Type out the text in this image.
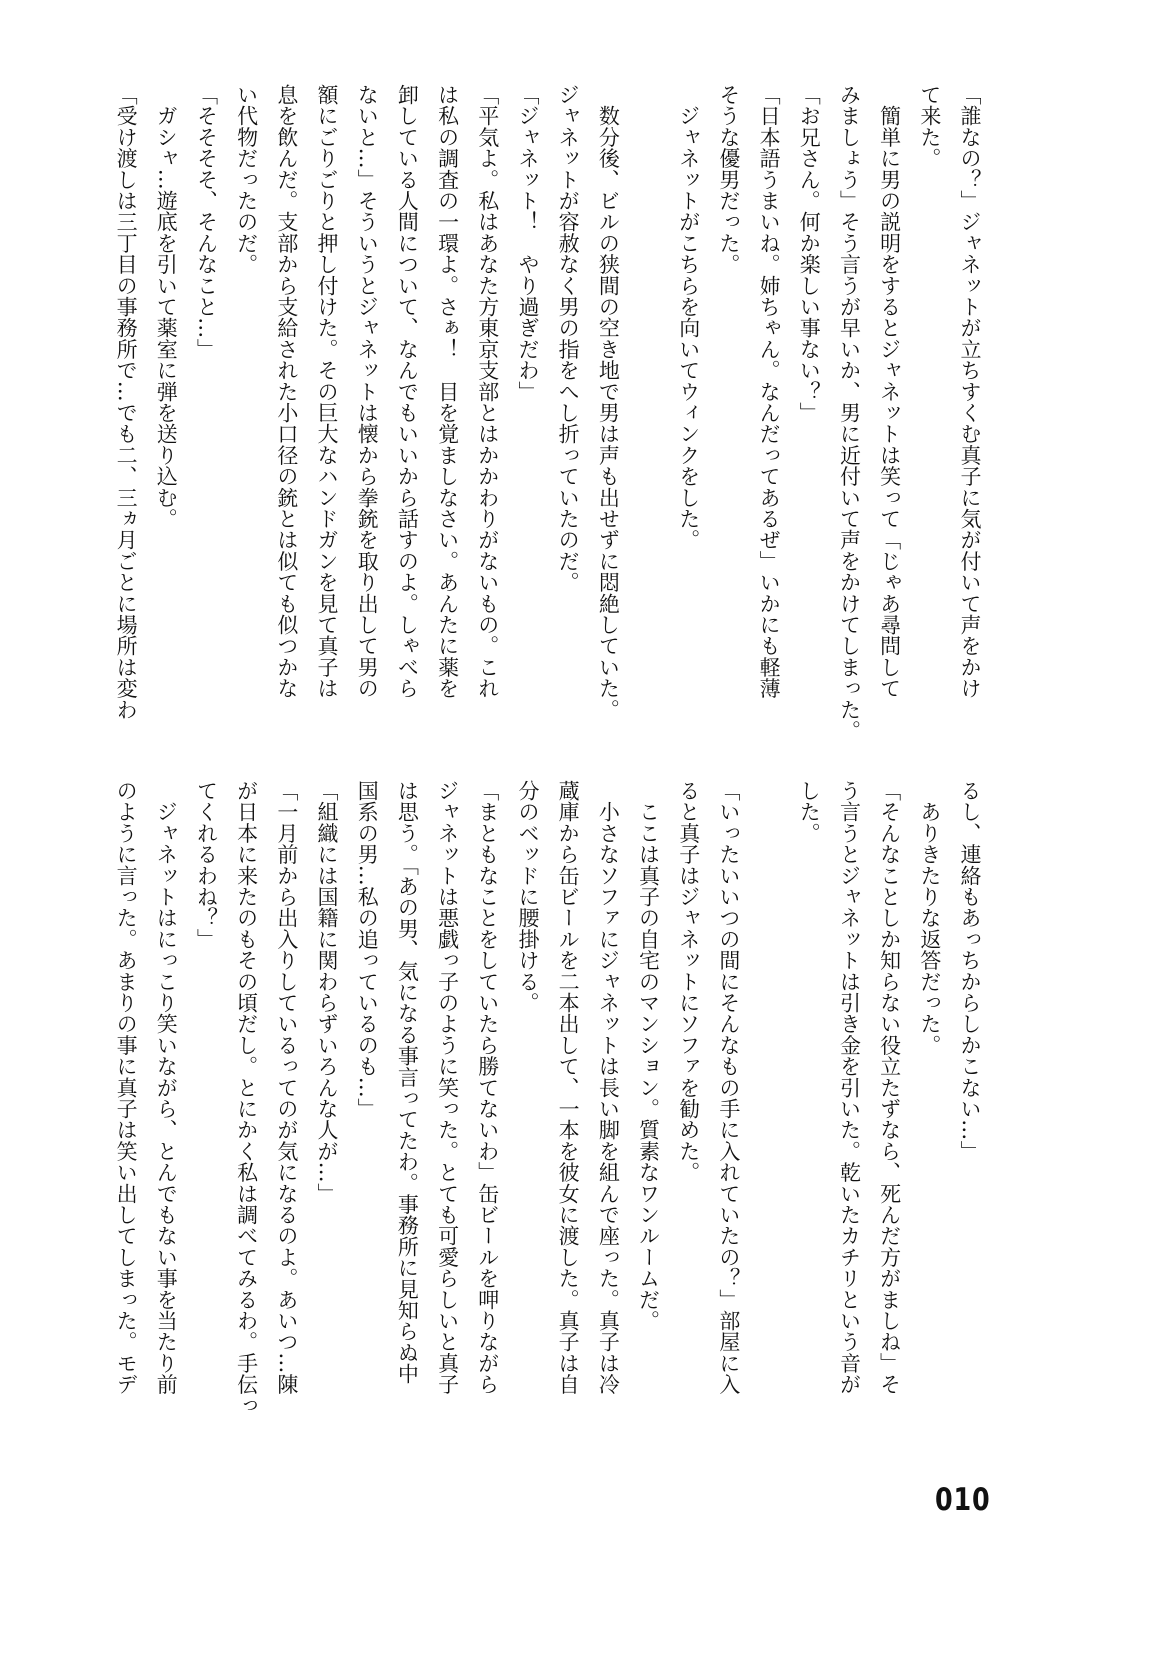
「誰なの？」ジャネットが立ちすくむ真子に気が付いて声をかけ
て来た。
　簡単に男の説明をするとジャネットは笑って「じゃあ尋問して
みましょう」そう言うが早いか、男に近付いて声をかけてしまった。
「お兄さん。何か楽しい事ない？」
「日本語うまいね。姉ちゃん。なんだってあるぜ」いかにも軽薄
そうな優男だった。
　ジャネットがこちらを向いてウィンクをした。
　数分後、ビルの狭間の空き地で男は声も出せずに悶絶していた。
ジャネットが容赦なく男の指をへし折っていたのだ。
「ジャネット！　やり過ぎだわ」
「平気よ。私はあなた方東京支部とはかかわりがないもの。これ
は私の調査の一環よ。さぁ！　目を覚ましなさい。あんたに薬を
卸している人間について、なんでもいいから話すのよ。しゃべら
ないと…」そういうとジャネットは懐から拳銃を取り出して男の
額にごりごりと押し付けた。その巨大なハンドガンを見て真子は
息を飲んだ。支部から支給された小口径の銃とは似ても似つかな
い代物だったのだ。
「そそそそ、そんなこと…」
　ガシャ…遊底を引いて薬室に弾を送り込む。
「受け渡しは三丁目の事務所で…でも二、三ヵ月ごとに場所は変わ
るし、連絡もあっちからしかこない…」
　ありきたりな返答だった。
「そんなことしか知らない役立たずなら、死んだ方がましね」そ
う言うとジャネットは引き金を引いた。乾いたカチリという音が
した。
「いったいいつの間にそんなもの手に入れていたの？」部屋に入
ると真子はジャネットにソファを勧めた。
　ここは真子の自宅のマンション。質素なワンルームだ。
　小さなソファにジャネットは長い脚を組んで座った。真子は冷
蔵庫から缶ビールを二本出して、一本を彼女に渡した。真子は自
分のベッドに腰掛ける。
「まともなことをしていたら勝てないわ」缶ビールを呷りながら
ジャネットは悪戯っ子のように笑った。とても可愛らしいと真子
は思う。「あの男、気になる事言ってたわ。事務所に見知らぬ中
国系の男…私の追っているのも…」
「組織には国籍に関わらずいろんな人が…」
「一月前から出入りしているってのが気になるのよ。あいつ…陳
が日本に来たのもその頃だし。とにかく私は調べてみるわ。手伝っ
てくれるわね？」
　ジャネットはにっこり笑いながら、とんでもない事を当たり前
のように言った。あまりの事に真子は笑い出してしまった。モデ
010
